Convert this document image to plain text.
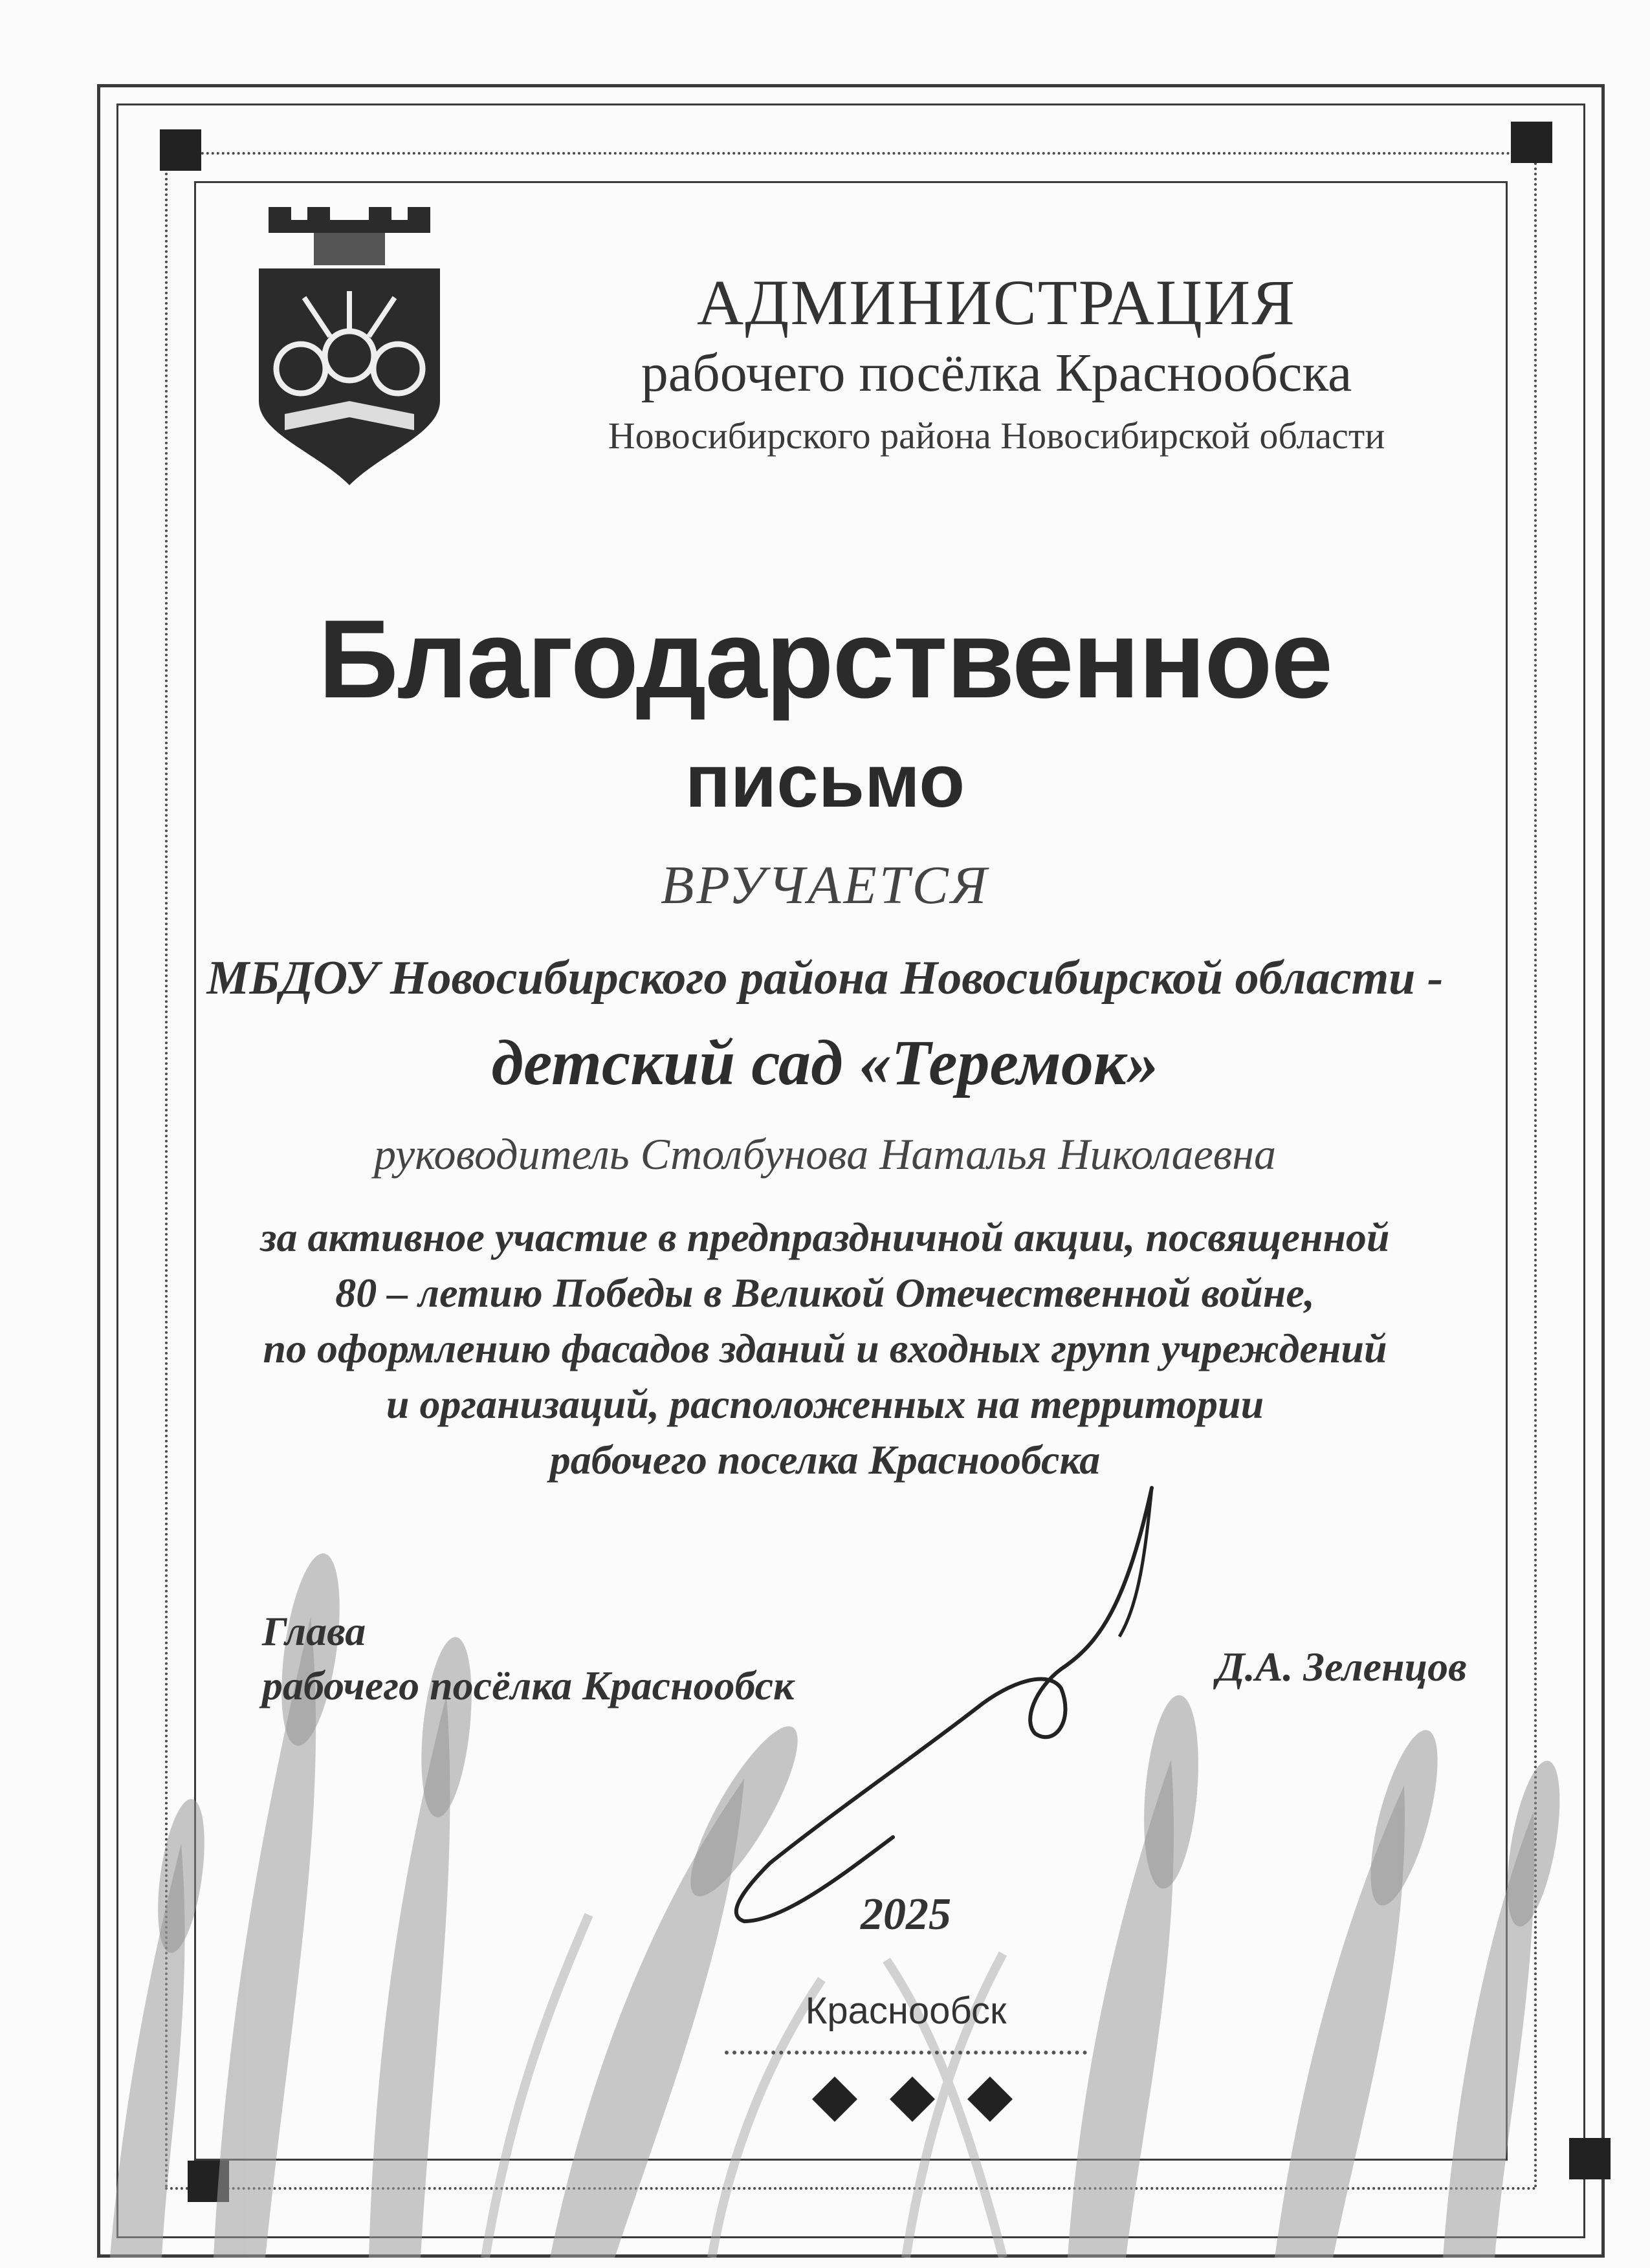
АДМИНИСТРАЦИЯ
рабочего посёлка Краснообска
Новосибирского района Новосибирской области
Благодарственное
письмо
ВРУЧАЕТСЯ
МБДОУ Новосибирского района Новосибирской области -
детский сад «Теремок»
руководитель Столбунова Наталья Николаевна
за активное участие в предпраздничной акции, посвященной
80 – летию Победы в Великой Отечественной войне,
по оформлению фасадов зданий и входных групп учреждений
и организаций, расположенных на территории
рабочего поселка Краснообска
Глава
рабочего посёлка Краснообск	Д.А. Зеленцов
2025
Краснообск
